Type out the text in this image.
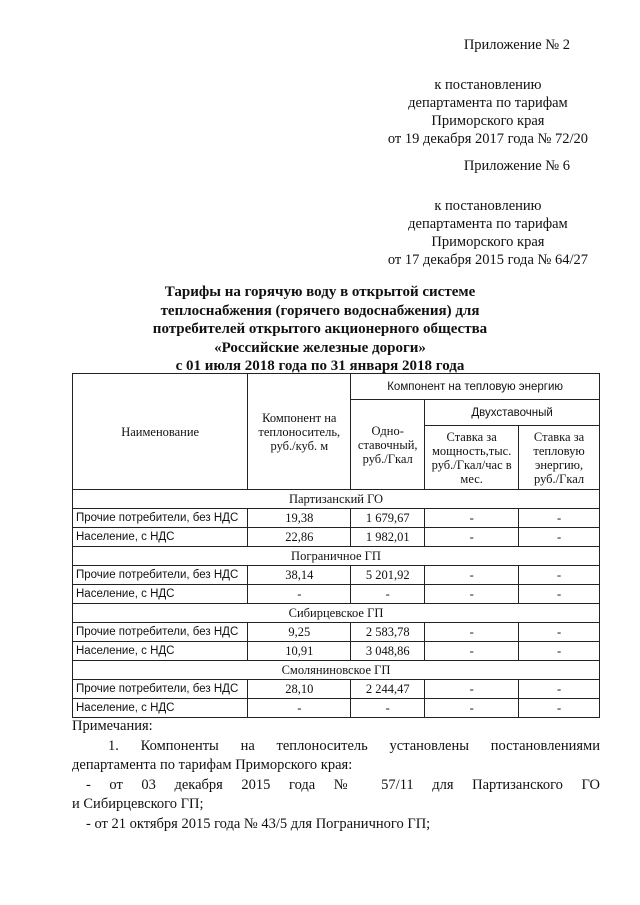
Приложение № 2
к постановлению
департамента по тарифам
Приморского края
от 19 декабря 2017 года № 72/20
Приложение № 6
к постановлению
департамента по тарифам
Приморского края
от 17 декабря 2015 года № 64/27
Тарифы на горячую воду в открытой системе
теплоснабжения (горячего водоснабжения) для
потребителей открытого акционерного общества
«Российские железные дороги»
с 01 июля 2018 года по 31 января 2018 года
Наименование	Компонент на теплоноситель, руб./куб. м	Компонент на тепловую энергию		
		Одно-ставочный, руб./Гкал	Двухставочный	
			Ставка за мощность,тыс. руб./Гкал/час в мес.	Ставка за тепловую энергию, руб./Гкал
Партизанский ГО				
Прочие потребители, без НДС	19,38	1 679,67	-	-
Население, с НДС	22,86	1 982,01	-	-
Пограничное ГП				
Прочие потребители, без НДС	38,14	5 201,92	-	-
Население, с НДС	-	-	-	-
Сибирцевское ГП				
Прочие потребители, без НДС	9,25	2 583,78	-	-
Население, с НДС	10,91	3 048,86	-	-
Смоляниновское ГП				
Прочие потребители, без НДС	28,10	2 244,47	-	-
Население, с НДС	-	-	-	-

Примечания:

1. Компоненты на теплоноситель установлены постановлениями

департамента по тарифам Приморского края:

- от 03 декабря 2015 года № 57/11 для Партизанского ГО

и Сибирцевского ГП;

- от 21 октября 2015 года № 43/5 для Пограничного ГП;
